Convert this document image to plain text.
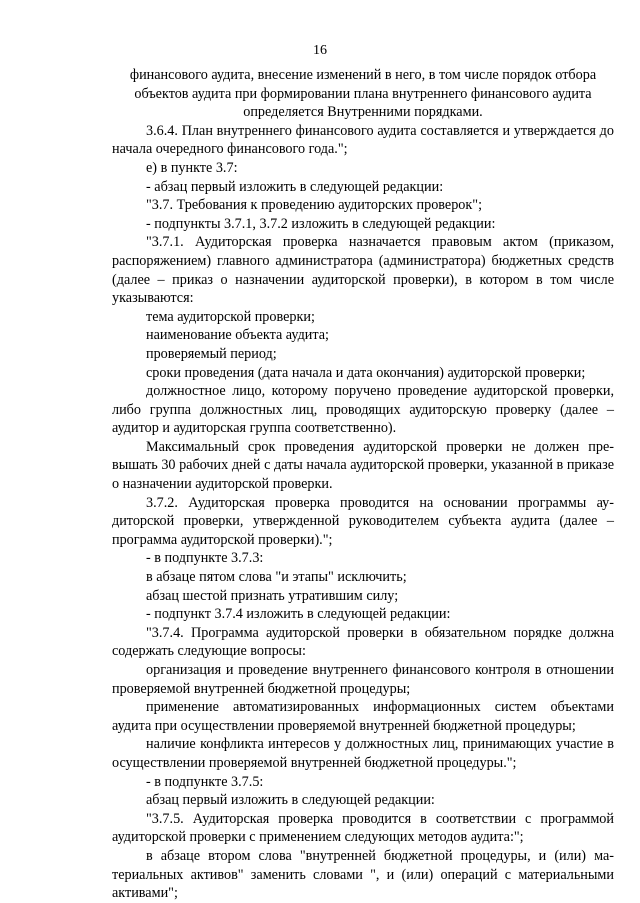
16

финансового аудита, внесение изменений в него, в том числе порядок отбора объектов аудита при формировании плана внутреннего финансового аудита определяется Внутренними порядками.

3.6.4. План внутреннего финансового аудита составляется и утверждается до начала очередного финансового года.";

е) в пункте 3.7:

- абзац первый изложить в следующей редакции:

"3.7. Требования к проведению аудиторских проверок";

- подпункты 3.7.1, 3.7.2 изложить в следующей редакции:

"3.7.1. Аудиторская проверка назначается правовым актом (приказом, распоряжением) главного администратора (администратора) бюджетных средств (далее – приказ о назначении аудиторской проверки), в котором в том числе указываются:

тема аудиторской проверки;

наименование объекта аудита;

проверяемый период;

сроки проведения (дата начала и дата окончания) аудиторской проверки;

должностное лицо, которому поручено проведение аудиторской проверки, либо группа должностных лиц, проводящих аудиторскую проверку (далее – аудитор и аудиторская группа соответственно).

Максимальный срок проведения аудиторской проверки не должен превышать 30 рабочих дней с даты начала аудиторской проверки, указанной в приказе о назначении аудиторской проверки.

3.7.2. Аудиторская проверка проводится на основании программы аудиторской проверки, утвержденной руководителем субъекта аудита (далее – программа аудиторской проверки).";

- в подпункте 3.7.3:

в абзаце пятом слова "и этапы" исключить;

абзац шестой признать утратившим силу;

- подпункт 3.7.4 изложить в следующей редакции:

"3.7.4. Программа аудиторской проверки в обязательном порядке должна содержать следующие вопросы:

организация и проведение внутреннего финансового контроля в отношении проверяемой внутренней бюджетной процедуры;

применение автоматизированных информационных систем объектами аудита при осуществлении проверяемой внутренней бюджетной процедуры;

наличие конфликта интересов у должностных лиц, принимающих участие в осуществлении проверяемой внутренней бюджетной процедуры.";

- в подпункте 3.7.5:

абзац первый изложить в следующей редакции:

"3.7.5. Аудиторская проверка проводится в соответствии с программой аудиторской проверки с применением следующих методов аудита:";

в абзаце втором слова "внутренней бюджетной процедуры, и (или) материальных активов" заменить словами ", и (или) операций с материальными активами";
